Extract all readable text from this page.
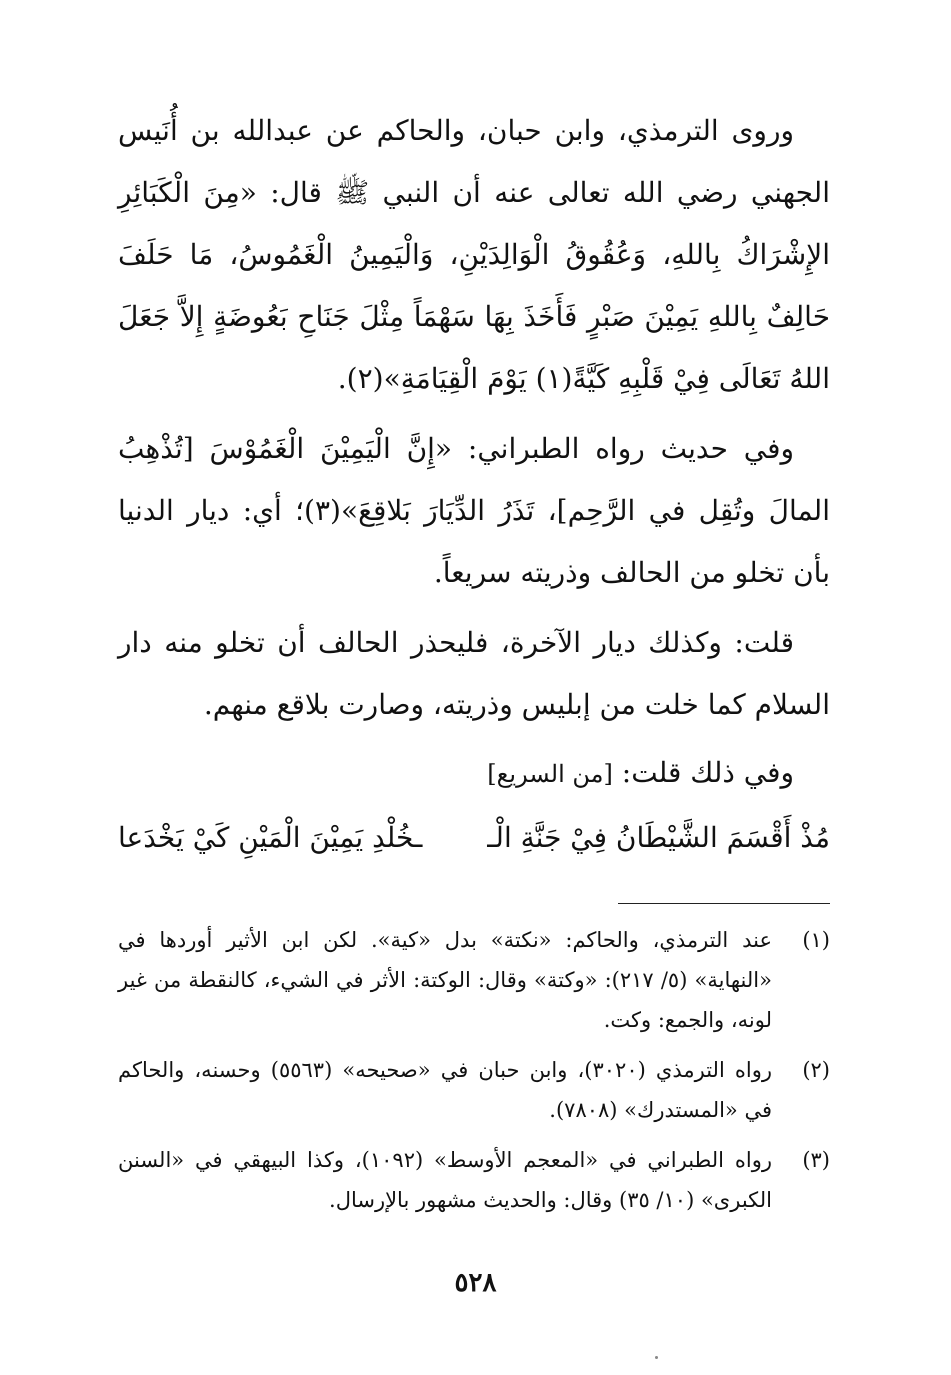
وروى الترمذي، وابن حبان، والحاكم عن عبدالله بن أُنَيس الجهني رضي الله تعالى عنه أن النبي ﷺ قال: «مِنَ الْكَبَائِرِ الإِشْرَاكُ بِاللهِ، وَعُقُوقُ الْوَالِدَيْنِ، وَالْيَمِينُ الْغَمُوسُ، مَا حَلَفَ حَالِفٌ بِاللهِ يَمِيْنَ صَبْرٍ فَأَخَذَ بِهَا سَهْمَاً مِثْلَ جَنَاحِ بَعُوضَةٍ إِلاَّ جَعَلَ اللهُ تَعَالَى فِيْ قَلْبِهِ كَيَّةً(١) يَوْمَ الْقِيَامَةِ»(٢).

وفي حديث رواه الطبراني: «إِنَّ الْيَمِيْنَ الْغَمُوْسَ [تُذْهِبُ المالَ وتُقِل في الرَّحِم]، تَذَرُ الدِّيَارَ بَلاقِعَ»(٣)؛ أي: ديار الدنيا بأن تخلو من الحالف وذريته سريعاً.

قلت: وكذلك ديار الآخرة، فليحذر الحالف أن تخلو منه دار السلام كما خلت من إبليس وذريته، وصارت بلاقع منهم.

وفي ذلك قلت: [من السريع]

مُذْ أَقْسَمَ الشَّيْطَانُ فِيْ جَنَّةِ الْـ
ـخُلْدِ يَمِيْنَ الْمَيْنِ كَيْ يَخْدَعا
(١)
عند الترمذي، والحاكم: «نكتة» بدل «كية». لكن ابن الأثير أوردها في «النهاية» (٥/ ٢١٧): «وكتة» وقال: الوكتة: الأثر في الشيء، كالنقطة من غير لونه، والجمع: وكت.
(٢)
رواه الترمذي (٣٠٢٠)، وابن حبان في «صحيحه» (٥٥٦٣) وحسنه، والحاكم في «المستدرك» (٧٨٠٨).
(٣)
رواه الطبراني في «المعجم الأوسط» (١٠٩٢)، وكذا البيهقي في «السنن الكبرى» (١٠/ ٣٥) وقال: والحديث مشهور بالإرسال.
٥٢٨
